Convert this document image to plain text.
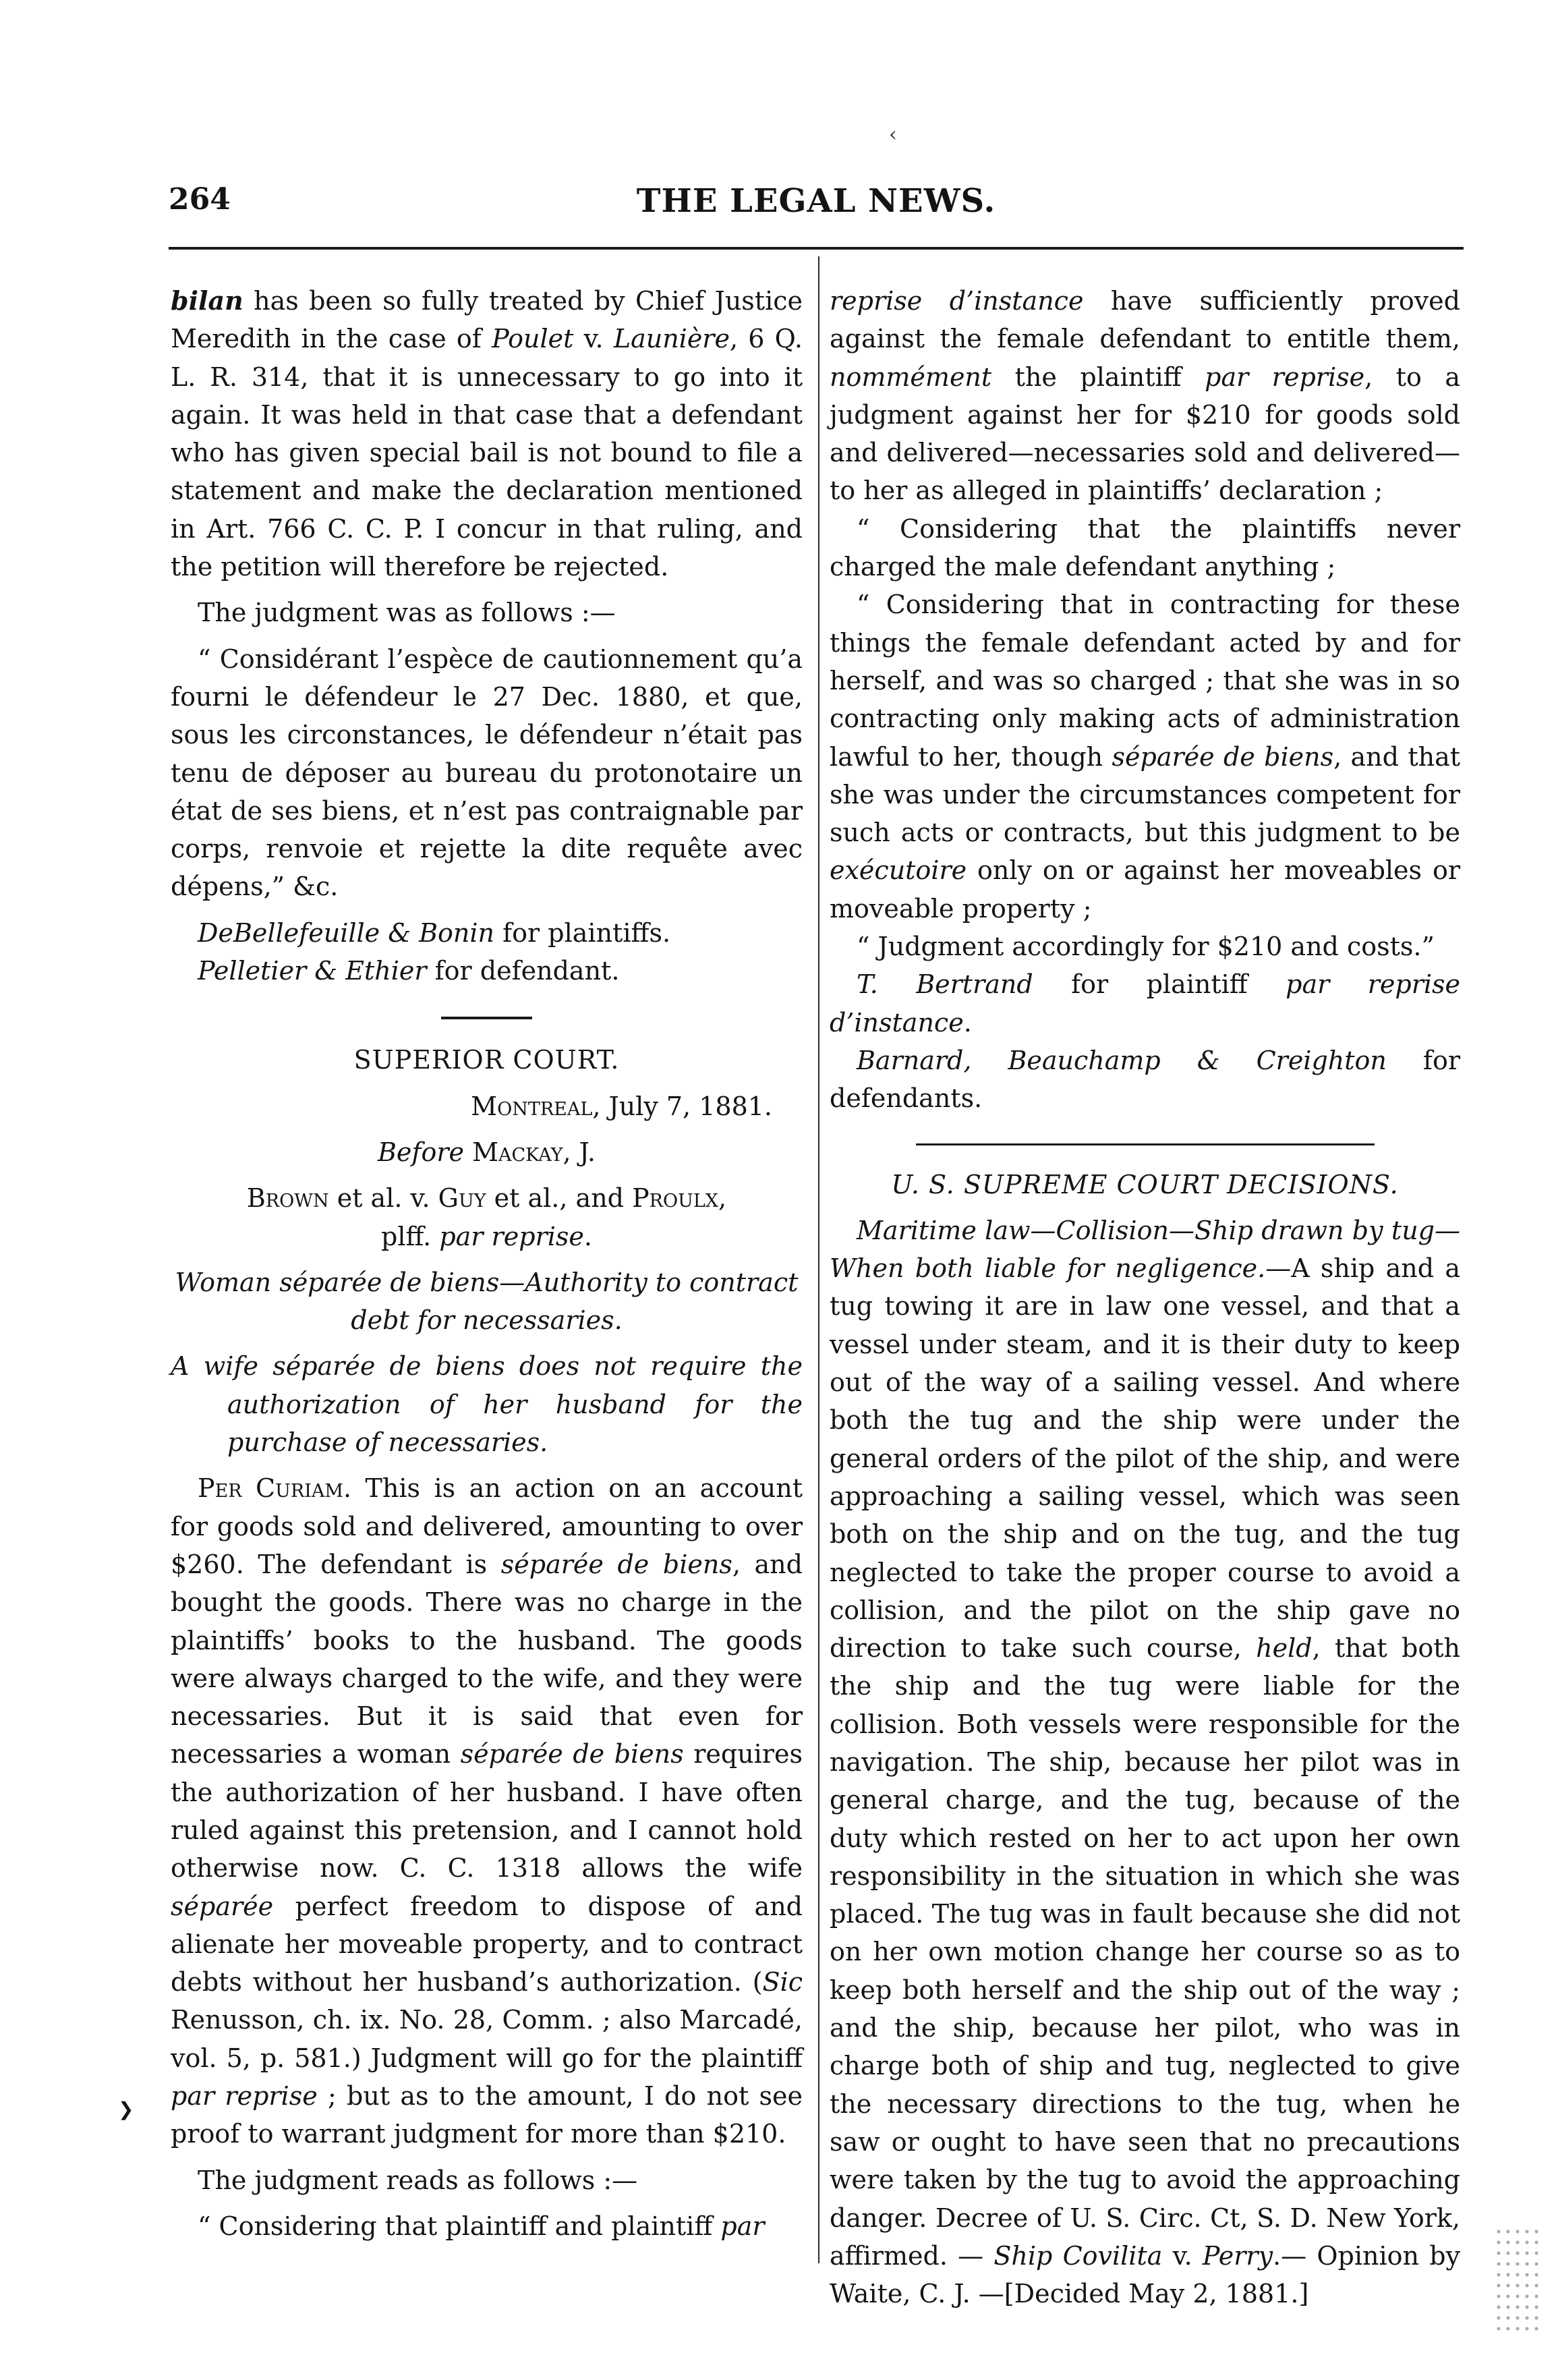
‹
264	THE LEGAL NEWS.

bilan has been so fully treated by Chief Justice Meredith in the case of Poulet v. Launière, 6 Q. L. R. 314, that it is unnecessary to go into it again. It was held in that case that a defendant who has given special bail is not bound to file a statement and make the declaration mentioned in Art. 766 C. C. P. I concur in that ruling, and the petition will therefore be rejected.

The judgment was as follows :—

“ Considérant l’espèce de cautionnement qu’a fourni le défendeur le 27 Dec. 1880, et que, sous les circonstances, le défendeur n’était pas tenu de déposer au bureau du protonotaire un état de ses biens, et n’est pas contraignable par corps, renvoie et rejette la dite requête avec dépens,” &c.

DeBellefeuille & Bonin for plaintiffs.

Pelletier & Ethier for defendant.

SUPERIOR COURT.

Montreal, July 7, 1881.

Before Mackay, J.

Brown et al. v. Guy et al., and Proulx,

plff. par reprise.

Woman séparée de biens—Authority to contract debt for necessaries.

A wife séparée de biens does not require the authorization of her husband for the purchase of necessaries.

Per Curiam. This is an action on an account for goods sold and delivered, amounting to over $260. The defendant is séparée de biens, and bought the goods. There was no charge in the plaintiffs’ books to the husband. The goods were always charged to the wife, and they were necessaries. But it is said that even for necessaries a woman séparée de biens requires the authorization of her husband. I have often ruled against this pretension, and I cannot hold otherwise now. C. C. 1318 allows the wife séparée perfect freedom to dispose of and alienate her moveable property, and to contract debts without her husband’s authorization. (Sic Renusson, ch. ix. No. 28, Comm. ; also Marcadé, vol. 5, p. 581.) Judgment will go for the plaintiff par reprise ; but as to the amount, I do not see proof to warrant judgment for more than $210.

The judgment reads as follows :—

“ Considering that plaintiff and plaintiff par

reprise d’instance have sufficiently proved against the female defendant to entitle them, nommément the plaintiff par reprise, to a judgment against her for $210 for goods sold and delivered—necessaries sold and delivered—to her as alleged in plaintiffs’ declaration ;

“ Considering that the plaintiffs never charged the male defendant anything ;

“ Considering that in contracting for these things the female defendant acted by and for herself, and was so charged ; that she was in so contracting only making acts of administration lawful to her, though séparée de biens, and that she was under the circumstances competent for such acts or contracts, but this judgment to be exécutoire only on or against her moveables or moveable property ;

“ Judgment accordingly for $210 and costs.”

T. Bertrand for plaintiff par reprise d’instance.

Barnard, Beauchamp & Creighton for defendants.

U. S. SUPREME COURT DECISIONS.

Maritime law—Collision—Ship drawn by tug—When both liable for negligence.—A ship and a tug towing it are in law one vessel, and that a vessel under steam, and it is their duty to keep out of the way of a sailing vessel. And where both the tug and the ship were under the general orders of the pilot of the ship, and were approaching a sailing vessel, which was seen both on the ship and on the tug, and the tug neglected to take the proper course to avoid a collision, and the pilot on the ship gave no direction to take such course, held, that both the ship and the tug were liable for the collision. Both vessels were responsible for the navigation. The ship, because her pilot was in general charge, and the tug, because of the duty which rested on her to act upon her own responsibility in the situation in which she was placed. The tug was in fault because she did not on her own motion change her course so as to keep both herself and the ship out of the way ; and the ship, because her pilot, who was in charge both of ship and tug, neglected to give the necessary directions to the tug, when he saw or ought to have seen that no precautions were taken by the tug to avoid the approaching danger. Decree of U. S. Circ. Ct, S. D. New York, affirmed. — Ship Covilita v. Perry.— Opinion by Waite, C. J. —[Decided May 2, 1881.]

❯
